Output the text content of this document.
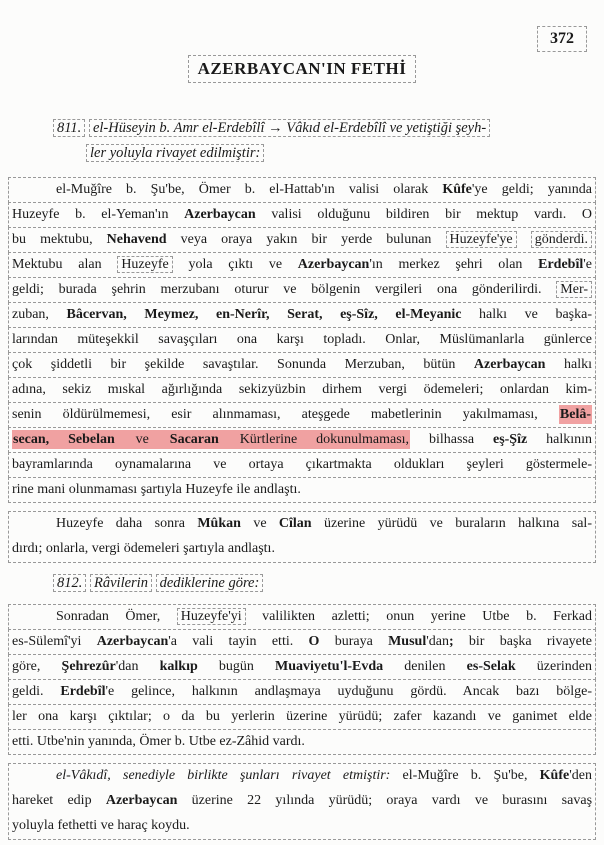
372
AZERBAYCAN'IN FETHİ
811. el-Hüseyin b. Amr el-Erdebîlî → Vâkıd el-Erdebîlî ve yetiştiği şeyh-
ler yoluyla rivayet edilmiştir:
el-Muğîre b. Şu'be, Ömer b. el-Hattab'ın valisi olarak Kûfe'ye geldi; yanında
Huzeyfe b. el-Yeman'ın Azerbaycan valisi olduğunu bildiren bir mektup vardı. O
bu mektubu, Nehavend veya oraya yakın bir yerde bulunan Huzeyfe'ye gönderdi.
Mektubu alan Huzeyfe yola çıktı ve Azerbaycan'ın merkez şehri olan Erdebîl'e
geldi; burada şehrin merzubanı oturur ve bölgenin vergileri ona gönderilirdi. Mer-
zuban, Bâcervan, Meymez, en-Nerîr, Serat, eş-Sîz, el-Meyanic halkı ve başka-
larından müteşekkil savaşçıları ona karşı topladı. Onlar, Müslümanlarla günlerce
çok şiddetli bir şekilde savaştılar. Sonunda Merzuban, bütün Azerbaycan halkı
adına, sekiz mıskal ağırlığında sekizyüzbin dirhem vergi ödemeleri; onlardan kim-
senin öldürülmemesi, esir alınmaması, ateşgede mabetlerinin yakılmaması, Belâ-
secan, Sebelan ve Sacaran Kürtlerine dokunulmaması, bilhassa eş-Şîz halkının
bayramlarında oynamalarına ve ortaya çıkartmakta oldukları şeyleri göstermele-
rine mani olunmaması şartıyla Huzeyfe ile andlaştı.
Huzeyfe daha sonra Mûkan ve Cîlan üzerine yürüdü ve buraların halkına sal-
dırdı; onlarla, vergi ödemeleri şartıyla andlaştı.
812. Râvilerin dediklerine göre:
Sonradan Ömer, Huzeyfe'yi valilikten azletti; onun yerine Utbe b. Ferkad
es-Sülemî'yi Azerbaycan'a vali tayin etti. O buraya Musul'dan; bir başka rivayete
göre, Şehrezûr'dan kalkıp bugün Muaviyetu'l-Evda denilen es-Selak üzerinden
geldi. Erdebîl'e gelince, halkının andlaşmaya uyduğunu gördü. Ancak bazı bölge-
ler ona karşı çıktılar; o da bu yerlerin üzerine yürüdü; zafer kazandı ve ganimet elde
etti. Utbe'nin yanında, Ömer b. Utbe ez-Zâhid vardı.
el-Vâkıdî, senediyle birlikte şunları rivayet etmiştir: el-Muğîre b. Şu'be, Kûfe'den
hareket edip Azerbaycan üzerine 22 yılında yürüdü; oraya vardı ve burasını savaş
yoluyla fethetti ve haraç koydu.
